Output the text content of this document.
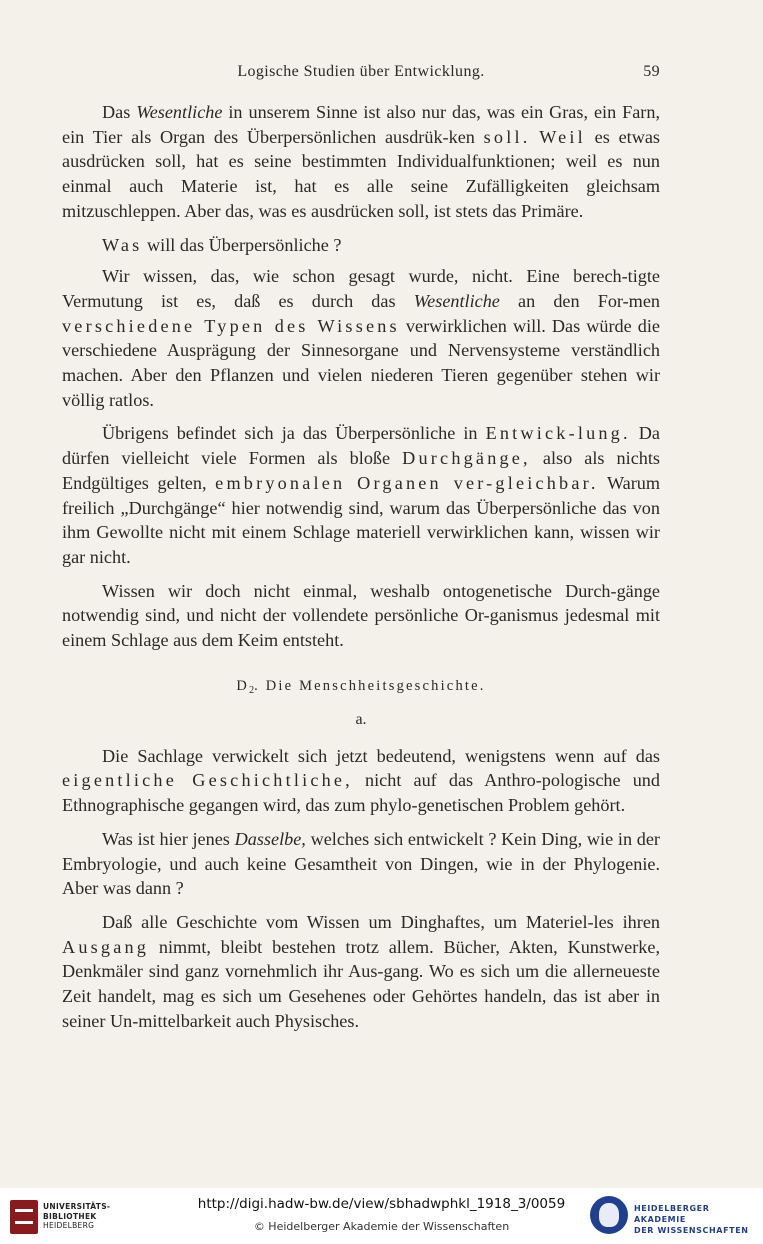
Logische Studien über Entwicklung.	59

Das Wesentliche in unserem Sinne ist also nur das, was ein Gras, ein Farn, ein Tier als Organ des Überpersönlichen ausdrük-ken soll. Weil es etwas ausdrücken soll, hat es seine bestimmten Individualfunktionen; weil es nun einmal auch Materie ist, hat es alle seine Zufälligkeiten gleichsam mitzuschleppen. Aber das, was es ausdrücken soll, ist stets das Primäre.

Was will das Überpersönliche ?

Wir wissen, das, wie schon gesagt wurde, nicht. Eine berech-tigte Vermutung ist es, daß es durch das Wesentliche an den For-men verschiedene Typen des Wissens verwirklichen will. Das würde die verschiedene Ausprägung der Sinnesorgane und Nervensysteme verständlich machen. Aber den Pflanzen und vielen niederen Tieren gegenüber stehen wir völlig ratlos.

Übrigens befindet sich ja das Überpersönliche in Entwick-lung. Da dürfen vielleicht viele Formen als bloße Durchgänge, also als nichts Endgültiges gelten, embryonalen Organen ver-gleichbar. Warum freilich „Durchgänge“ hier notwendig sind, warum das Überpersönliche das von ihm Gewollte nicht mit einem Schlage materiell verwirklichen kann, wissen wir gar nicht.

Wissen wir doch nicht einmal, weshalb ontogenetische Durch-gänge notwendig sind, und nicht der vollendete persönliche Or-ganismus jedesmal mit einem Schlage aus dem Keim entsteht.

$D_2$. Die Menschheitsgeschichte.
a.

Die Sachlage verwickelt sich jetzt bedeutend, wenigstens wenn auf das eigentliche Geschichtliche, nicht auf das Anthro-pologische und Ethnographische gegangen wird, das zum phylo-genetischen Problem gehört.

Was ist hier jenes Dasselbe, welches sich entwickelt ? Kein Ding, wie in der Embryologie, und auch keine Gesamtheit von Dingen, wie in der Phylogenie. Aber was dann ?

Daß alle Geschichte vom Wissen um Dinghaftes, um Materiel-les ihren Ausgang nimmt, bleibt bestehen trotz allem. Bücher, Akten, Kunstwerke, Denkmäler sind ganz vornehmlich ihr Aus-gang. Wo es sich um die allerneueste Zeit handelt, mag es sich um Gesehenes oder Gehörtes handeln, das ist aber in seiner Un-mittelbarkeit auch Physisches.

UNIVERSITÄTS-
BIBLIOTHEK
HEIDELBERG
http://digi.hadw-bw.de/view/sbhadwphkl_1918_3/0059
© Heidelberger Akademie der Wissenschaften
HEIDELBERGER AKADEMIE
DER WISSENSCHAFTEN
